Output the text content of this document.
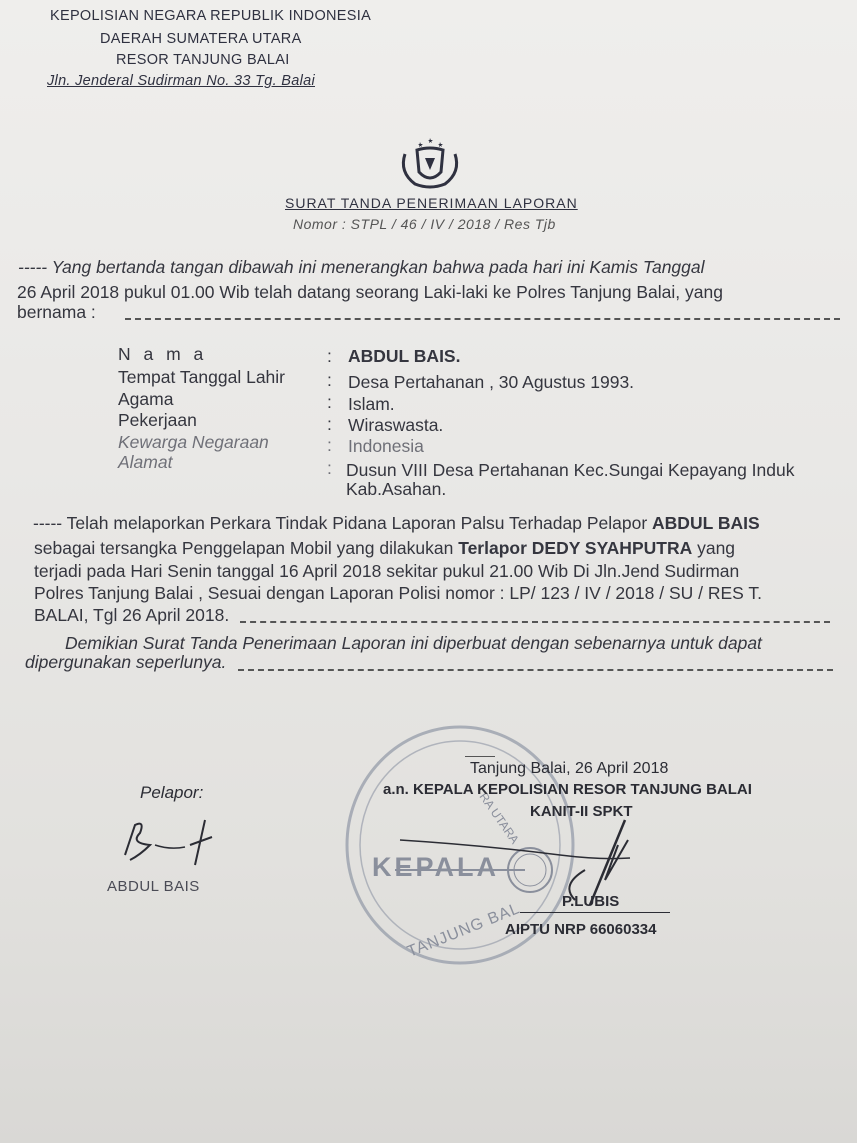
KEPOLISIAN NEGARA REPUBLIK INDONESIA
DAERAH SUMATERA UTARA
RESOR TANJUNG BALAI
Jln. Jenderal Sudirman No. 33 Tg. Balai
SURAT TANDA PENERIMAAN LAPORAN
Nomor : STPL / 46 / IV / 2018 / Res Tjb
----- Yang bertanda tangan dibawah ini menerangkan bahwa pada hari ini Kamis Tanggal
26 April 2018 pukul 01.00 Wib telah datang seorang Laki-laki ke Polres Tanjung Balai, yang
bernama :
N a m a	: ABDUL BAIS.
Tempat Tanggal Lahir : Desa Pertahanan , 30 Agustus 1993.
Agama	: Islam.
Pekerjaan	: Wiraswasta.
Kewarga Negaraan	: Indonesia
Alamat	: Dusun VIII Desa Pertahanan Kec.Sungai Kepayang Induk
Kab.Asahan.
----- Telah melaporkan Perkara Tindak Pidana Laporan Palsu Terhadap Pelapor ABDUL BAIS
sebagai tersangka Penggelapan Mobil yang dilakukan Terlapor DEDY SYAHPUTRA yang
terjadi pada Hari Senin tanggal 16 April 2018 sekitar pukul 21.00 Wib Di Jln.Jend Sudirman
Polres Tanjung Balai , Sesuai dengan Laporan Polisi nomor : LP/ 123 / IV / 2018 / SU / RES T.
BALAI, Tgl 26 April 2018.
Demikian Surat Tanda Penerimaan Laporan ini diperbuat dengan sebenarnya untuk dapat
dipergunakan seperlunya.
KEPALA
RA UTARA
TANJUNG BAL
Tanjung Balai, 26 April 2018
a.n. KEPALA KEPOLISIAN RESOR TANJUNG BALAI
KANIT-II SPKT
P.LUBIS
AIPTU NRP 66060334
Pelapor:
ABDUL BAIS
